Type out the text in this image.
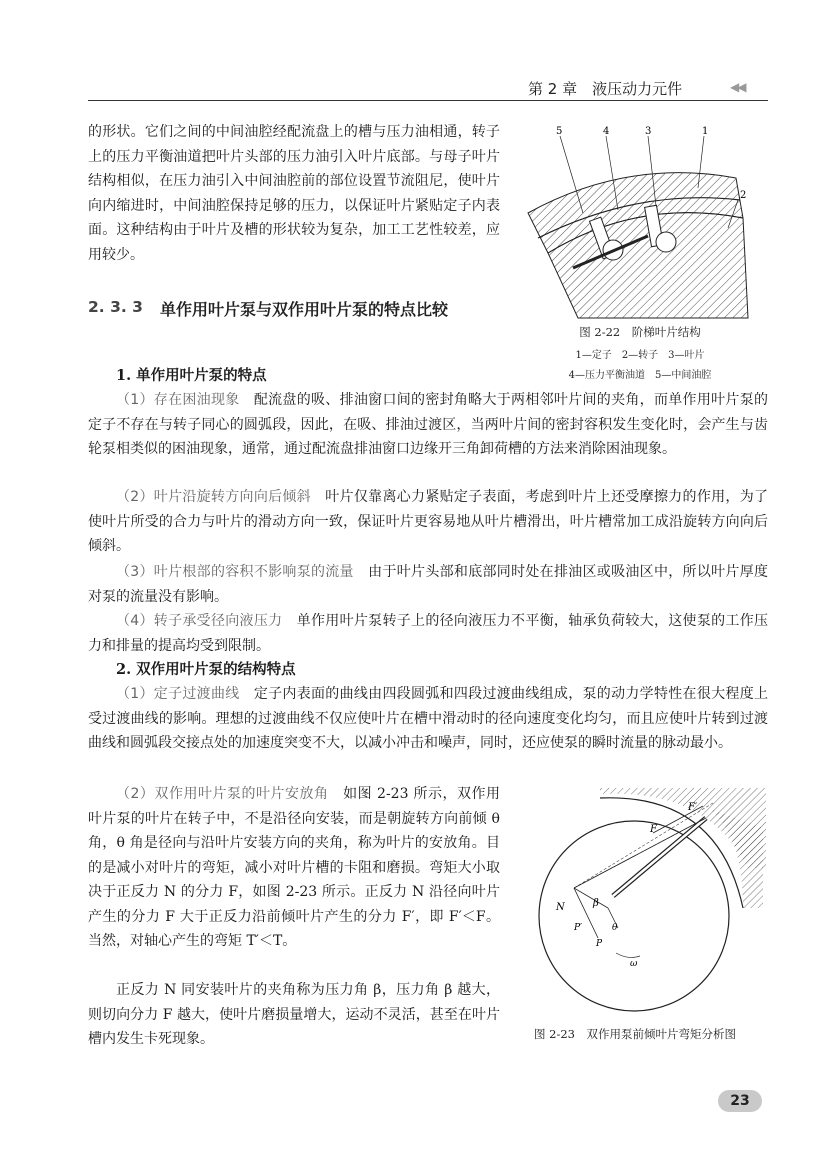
第 2 章　液压动力元件	◀◀
的形状。它们之间的中间油腔经配流盘上的槽与压力油相通，转子上的压力平衡油道把叶片头部的压力油引入叶片底部。与母子叶片结构相似，在压力油引入中间油腔前的部位设置节流阻尼，使叶片向内缩进时，中间油腔保持足够的压力，以保证叶片紧贴定子内表面。这种结构由于叶片及槽的形状较为复杂，加工工艺性较差，应用较少。
5	4	3	1
2
图 2-22　阶梯叶片结构
1—定子　2—转子　3—叶片
4—压力平衡油道　5—中间油腔
2. 3. 3 单作用叶片泵与双作用叶片泵的特点比较
1. 单作用叶片泵的特点
（1）存在困油现象　 配流盘的吸、排油窗口间的密封角略大于两相邻叶片间的夹角，而单作用叶片泵的定子不存在与转子同心的圆弧段，因此，在吸、排油过渡区，当两叶片间的密封容积发生变化时，会产生与齿轮泵相类似的困油现象，通常，通过配流盘排油窗口边缘开三角卸荷槽的方法来消除困油现象。
（2）叶片沿旋转方向向后倾斜　 叶片仅靠离心力紧贴定子表面，考虑到叶片上还受摩擦力的作用，为了使叶片所受的合力与叶片的滑动方向一致，保证叶片更容易地从叶片槽滑出，叶片槽常加工成沿旋转方向向后倾斜。
（3）叶片根部的容积不影响泵的流量　 由于叶片头部和底部同时处在排油区或吸油区中，所以叶片厚度对泵的流量没有影响。
（4）转子承受径向液压力　 单作用叶片泵转子上的径向液压力不平衡，轴承负荷较大，这使泵的工作压力和排量的提高均受到限制。
2. 双作用叶片泵的结构特点
（1）定子过渡曲线　 定子内表面的曲线由四段圆弧和四段过渡曲线组成，泵的动力学特性在很大程度上受过渡曲线的影响。理想的过渡曲线不仅应使叶片在槽中滑动时的径向速度变化均匀，而且应使叶片转到过渡曲线和圆弧段交接点处的加速度突变不大，以减小冲击和噪声，同时，还应使泵的瞬时流量的脉动最小。
（2）双作用叶片泵的叶片安放角　 如图 2-23 所示，双作用叶片泵的叶片在转子中，不是沿径向安装，而是朝旋转方向前倾 θ 角，θ 角是径向与沿叶片安装方向的夹角，称为叶片的安放角。目的是减小对叶片的弯矩，减小对叶片槽的卡阻和磨损。弯矩大小取决于正反力 N 的分力 F，如图 2-23 所示。正反力 N 沿径向叶片产生的分力 F 大于正反力沿前倾叶片产生的分力 F′，即 F′＜F。当然，对轴心产生的弯矩 T′＜T。
正反力 N 同安装叶片的夹角称为压力角 β，压力角 β 越大，则切向分力 F 越大，使叶片磨损量增大，运动不灵活，甚至在叶片槽内发生卡死现象。
F′
F
N	β
P′	θ
P
ω
图 2-23　双作用泵前倾叶片弯矩分析图
23
